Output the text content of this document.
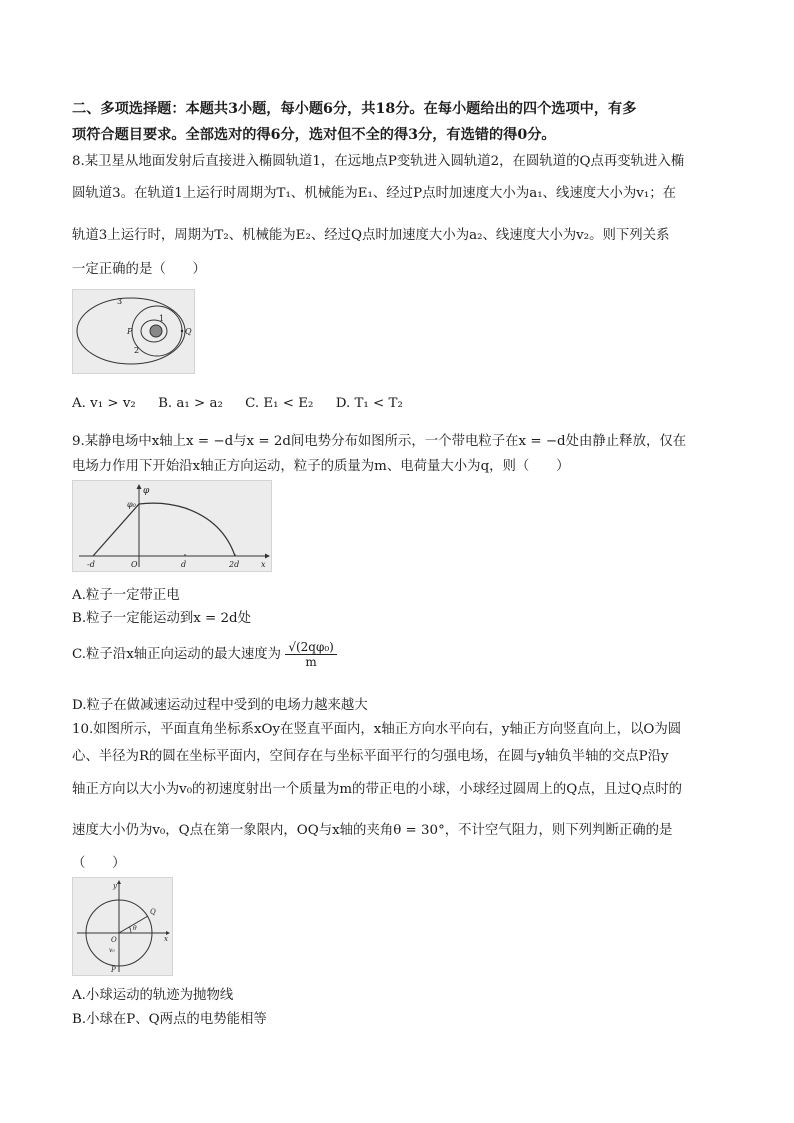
二、多项选择题：本题共3小题，每小题6分，共18分。在每小题给出的四个选项中，有多
项符合题目要求。全部选对的得6分，选对但不全的得3分，有选错的得0分。
8.某卫星从地面发射后直接进入椭圆轨道1，在远地点P变轨进入圆轨道2，在圆轨道的Q点再变轨进入椭
圆轨道3。在轨道1上运行时周期为T₁、机械能为E₁、经过P点时加速度大小为a₁、线速度大小为v₁；在
轨道3上运行时，周期为T₂、机械能为E₂、经过Q点时加速度大小为a₂、线速度大小为v₂。则下列关系
一定正确的是（　　）
3
1
2
P	Q
A. v₁ > v₂ B. a₁ > a₂ C. E₁ < E₂ D. T₁ < T₂
9.某静电场中x轴上x = −d与x = 2d间电势分布如图所示，一个带电粒子在x = −d处由静止释放，仅在
电场力作用下开始沿x轴正方向运动，粒子的质量为m、电荷量大小为q，则（　　）
φ
φ₀
-d	O	d	2d	x
A.粒子一定带正电
B.粒子一定能运动到x = 2d处
C.粒子沿x轴正向运动的最大速度为 $\frac{\text{√(2qφ₀)}}{m}$
D.粒子在做减速运动过程中受到的电场力越来越大
10.如图所示，平面直角坐标系xOy在竖直平面内，x轴正方向水平向右，y轴正方向竖直向上，以O为圆
心、半径为R的圆在坐标平面内，空间存在与坐标平面平行的匀强电场，在圆与y轴负半轴的交点P沿y
轴正方向以大小为v₀的初速度射出一个质量为m的带正电的小球，小球经过圆周上的Q点，且过Q点时的
速度大小仍为v₀，Q点在第一象限内，OQ与x轴的夹角θ = 30°，不计空气阻力，则下列判断正确的是
（　　）
y
x
O
Q
θ
v₀
P
A.小球运动的轨迹为抛物线
B.小球在P、Q两点的电势能相等
